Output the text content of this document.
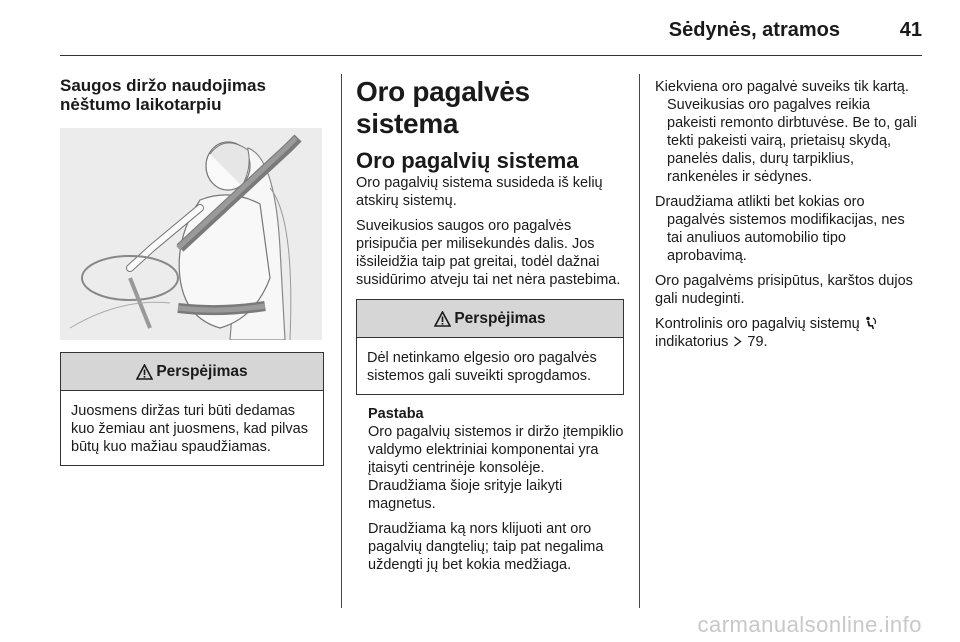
Sėdynės, atramos	41
Saugos diržo naudojimas nėštumo laikotarpiu
Perspėjimas

Juosmens diržas turi būti dedamas kuo žemiau ant juosmens, kad pilvas būtų kuo mažiau spaudžiamas.

Oro pagalvės sistema
Oro pagalvių sistema

Oro pagalvių sistema susideda iš kelių atskirų sistemų.

Suveikusios saugos oro pagalvės prisipučia per milisekundės dalis. Jos išsileidžia taip pat greitai, todėl dažnai susidūrimo atveju tai net nėra pastebima.

Perspėjimas

Dėl netinkamo elgesio oro pagalvės sistemos gali suveikti sprogdamos.

Pastaba

Oro pagalvių sistemos ir diržo įtempiklio valdymo elektriniai komponentai yra įtaisyti centrinėje konsolėje. Draudžiama šioje srityje laikyti magnetus.

Draudžiama ką nors klijuoti ant oro pagalvių dangtelių; taip pat negalima uždengti jų bet kokia medžiaga.

Kiekviena oro pagalvė suveiks tik kartą. Suveikusias oro pagalves reikia pakeisti remonto dirbtuvėse. Be to, gali tekti pakeisti vairą, prietaisų skydą, panelės dalis, durų tarpiklius, rankenėles ir sėdynes.

Draudžiama atlikti bet kokias oro pagalvės sistemos modifikacijas, nes tai anuliuos automobilio tipo aprobavimą.

Oro pagalvėms prisipūtus, karštos dujos gali nudeginti.

Kontrolinis oro pagalvių sistemų
indikatorius 79.

carmanualsonline.info
